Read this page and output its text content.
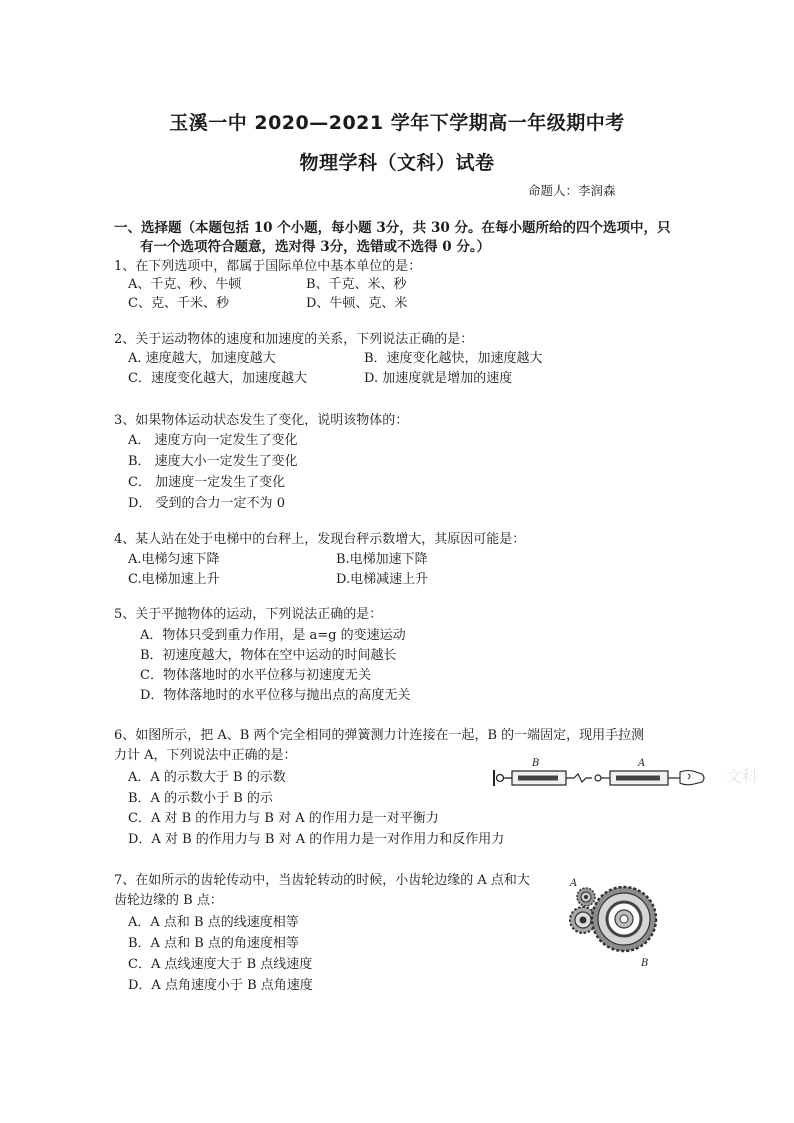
玉溪一中 2020—2021 学年下学期高一年级期中考
物理学科（文科）试卷
命题人：李润森
一、选择题（本题包括 10 个小题，每小题 3分，共 30 分。在每小题所给的四个选项中，只
有一个选项符合题意，选对得 3分，选错或不选得 0 分。）
1、在下列选项中，都属于国际单位中基本单位的是：
A、千克、秒、牛顿	B、千克、米、秒
C、克、千米、秒	D、牛顿、克、米
2、关于运动物体的速度和加速度的关系，下列说法正确的是：
A. 速度越大，加速度越大	B．速度变化越快，加速度越大
C．速度变化越大，加速度越大	D. 加速度就是增加的速度
3、如果物体运动状态发生了变化，说明该物体的：
A． 速度方向一定发生了变化
B． 速度大小一定发生了变化
C． 加速度一定发生了变化
D． 受到的合力一定不为 0
4、某人站在处于电梯中的台秤上，发现台秤示数增大，其原因可能是：
A.电梯匀速下降	B.电梯加速下降
C.电梯加速上升	D.电梯减速上升
5、关于平抛物体的运动，下列说法正确的是：
A．物体只受到重力作用，是 a=g 的变速运动
B．初速度越大，物体在空中运动的时间越长
C．物体落地时的水平位移与初速度无关
D．物体落地时的水平位移与抛出点的高度无关
6、如图所示，把 A、B 两个完全相同的弹簧测力计连接在一起，B 的一端固定，现用手拉测
力计 A，下列说法中正确的是：
A．A 的示数大于 B 的示数
B．A 的示数小于 B 的示
C．A 对 B 的作用力与 B 对 A 的作用力是一对平衡力
D．A 对 B 的作用力与 B 对 A 的作用力是一对作用力和反作用力
B	A
文科
7、在如所示的齿轮传动中，当齿轮转动的时候，小齿轮边缘的 A 点和大
齿轮边缘的 B 点：
A．A 点和 B 点的线速度相等
B．A 点和 B 点的角速度相等
C．A 点线速度大于 B 点线速度
D．A 点角速度小于 B 点角速度
A
B
